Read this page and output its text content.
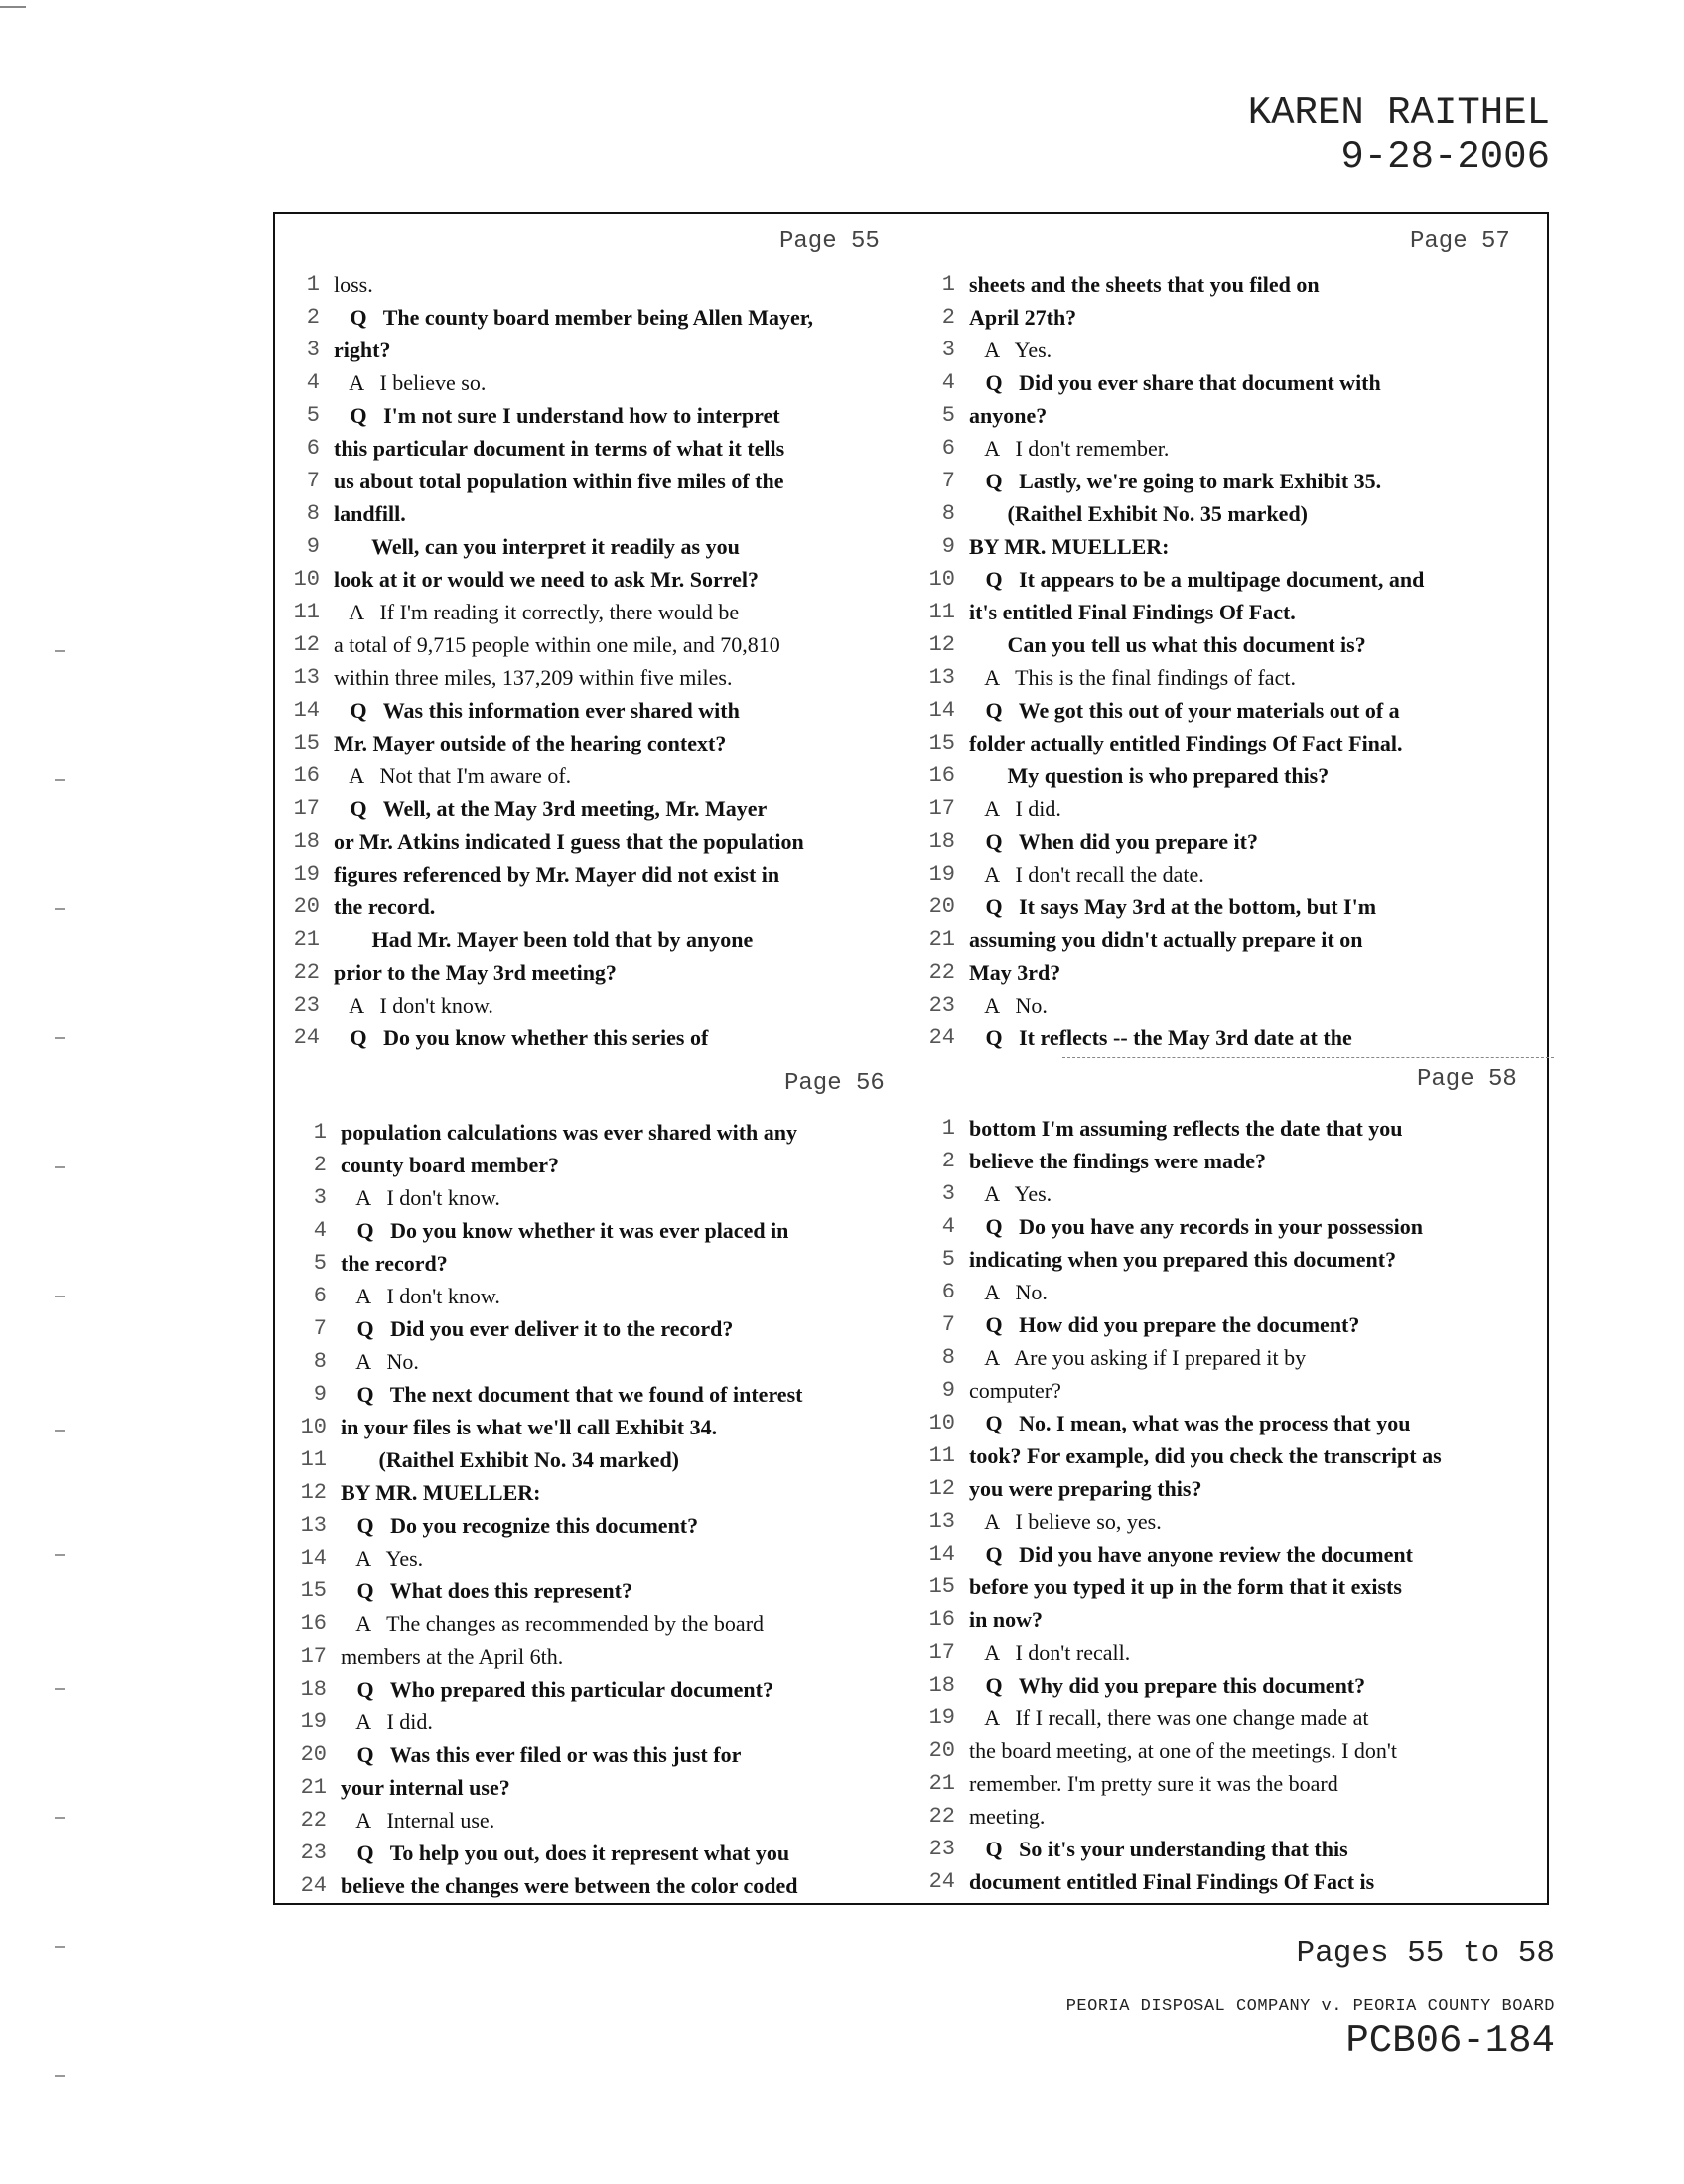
KAREN RAITHEL
9-28-2006
Page 55
1 loss.
2 Q   The county board member being Allen Mayer,
3 right?
4 A   I believe so.
5 Q   I'm not sure I understand how to interpret
6 this particular document in terms of what it tells
7 us about total population within five miles of the
8 landfill.
9 Well, can you interpret it readily as you
10 look at it or would we need to ask Mr. Sorrel?
11 A   If I'm reading it correctly, there would be
12 a total of 9,715 people within one mile, and 70,810
13 within three miles, 137,209 within five miles.
14 Q   Was this information ever shared with
15 Mr. Mayer outside of the hearing context?
16 A   Not that I'm aware of.
17 Q   Well, at the May 3rd meeting, Mr. Mayer
18 or Mr. Atkins indicated I guess that the population
19 figures referenced by Mr. Mayer did not exist in
20 the record.
21 Had Mr. Mayer been told that by anyone
22 prior to the May 3rd meeting?
23 A   I don't know.
24 Q   Do you know whether this series of
Page 57
1 sheets and the sheets that you filed on
2 April 27th?
3 A   Yes.
4 Q   Did you ever share that document with
5 anyone?
6 A   I don't remember.
7 Q   Lastly, we're going to mark Exhibit 35.
8 (Raithel Exhibit No. 35 marked)
9 BY MR. MUELLER:
10 Q   It appears to be a multipage document, and
11 it's entitled Final Findings Of Fact.
12 Can you tell us what this document is?
13 A   This is the final findings of fact.
14 Q   We got this out of your materials out of a
15 folder actually entitled Findings Of Fact Final.
16 My question is who prepared this?
17 A   I did.
18 Q   When did you prepare it?
19 A   I don't recall the date.
20 Q   It says May 3rd at the bottom, but I'm
21 assuming you didn't actually prepare it on
22 May 3rd?
23 A   No.
24 Q   It reflects -- the May 3rd date at the
Page 56
1 population calculations was ever shared with any
2 county board member?
3 A   I don't know.
4 Q   Do you know whether it was ever placed in
5 the record?
6 A   I don't know.
7 Q   Did you ever deliver it to the record?
8 A   No.
9 Q   The next document that we found of interest
10 in your files is what we'll call Exhibit 34.
11 (Raithel Exhibit No. 34 marked)
12 BY MR. MUELLER:
13 Q   Do you recognize this document?
14 A   Yes.
15 Q   What does this represent?
16 A   The changes as recommended by the board
17 members at the April 6th.
18 Q   Who prepared this particular document?
19 A   I did.
20 Q   Was this ever filed or was this just for
21 your internal use?
22 A   Internal use.
23 Q   To help you out, does it represent what you
24 believe the changes were between the color coded
Page 58
1 bottom I'm assuming reflects the date that you
2 believe the findings were made?
3 A   Yes.
4 Q   Do you have any records in your possession
5 indicating when you prepared this document?
6 A   No.
7 Q   How did you prepare the document?
8 A   Are you asking if I prepared it by
9 computer?
10 Q   No. I mean, what was the process that you
11 took? For example, did you check the transcript as
12 you were preparing this?
13 A   I believe so, yes.
14 Q   Did you have anyone review the document
15 before you typed it up in the form that it exists
16 in now?
17 A   I don't recall.
18 Q   Why did you prepare this document?
19 A   If I recall, there was one change made at
20 the board meeting, at one of the meetings. I don't
21 remember. I'm pretty sure it was the board
22 meeting.
23 Q   So it's your understanding that this
24 document entitled Final Findings Of Fact is
Pages 55 to 58
PEORIA DISPOSAL COMPANY v. PEORIA COUNTY BOARD
PCB06-184
